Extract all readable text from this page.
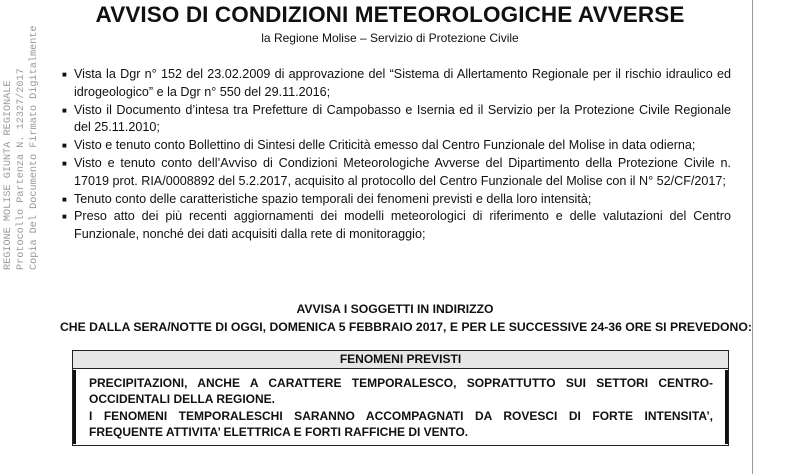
REGIONE MOLISE GIUNTA REGIONALE Protocollo Partenza N. 12327/2017 Copia Del Documento Firmato Digitalmente
AVVISO DI CONDIZIONI METEOROLOGICHE AVVERSE
la Regione Molise – Servizio di Protezione Civile
■ Vista la Dgr n° 152 del 23.02.2009 di approvazione del “Sistema di Allertamento Regionale per il rischio idraulico ed idrogeologico” e la Dgr n° 550 del 29.11.2016;
■ Visto il Documento d’intesa tra Prefetture di Campobasso e Isernia ed il Servizio per la Protezione Civile Regionale del 25.11.2010;
■ Visto e tenuto conto Bollettino di Sintesi delle Criticità emesso dal Centro Funzionale del Molise in data odierna;
■ Visto e tenuto conto dell’Avviso di Condizioni Meteorologiche Avverse del Dipartimento della Protezione Civile n. 17019 prot. RIA/0008892 del 5.2.2017, acquisito al protocollo del Centro Funzionale del Molise con il N° 52/CF/2017;
■ Tenuto conto delle caratteristiche spazio temporali dei fenomeni previsti e della loro intensità;
■ Preso atto dei più recenti aggiornamenti dei modelli meteorologici di riferimento e delle valutazioni del Centro Funzionale, nonché dei dati acquisiti dalla rete di monitoraggio;
AVVISA I SOGGETTI IN INDIRIZZO
CHE DALLA SERA/NOTTE DI OGGI, DOMENICA 5 FEBBRAIO 2017, E PER LE SUCCESSIVE 24-36 ORE SI PREVEDONO:
FENOMENI PREVISTI
PRECIPITAZIONI, ANCHE A CARATTERE TEMPORALESCO, SOPRATTUTTO SUI SETTORI CENTRO-OCCIDENTALI DELLA REGIONE.
I FENOMENI TEMPORALESCHI SARANNO ACCOMPAGNATI DA ROVESCI DI FORTE INTENSITA’, FREQUENTE ATTIVITA’ ELETTRICA E FORTI RAFFICHE DI VENTO.
